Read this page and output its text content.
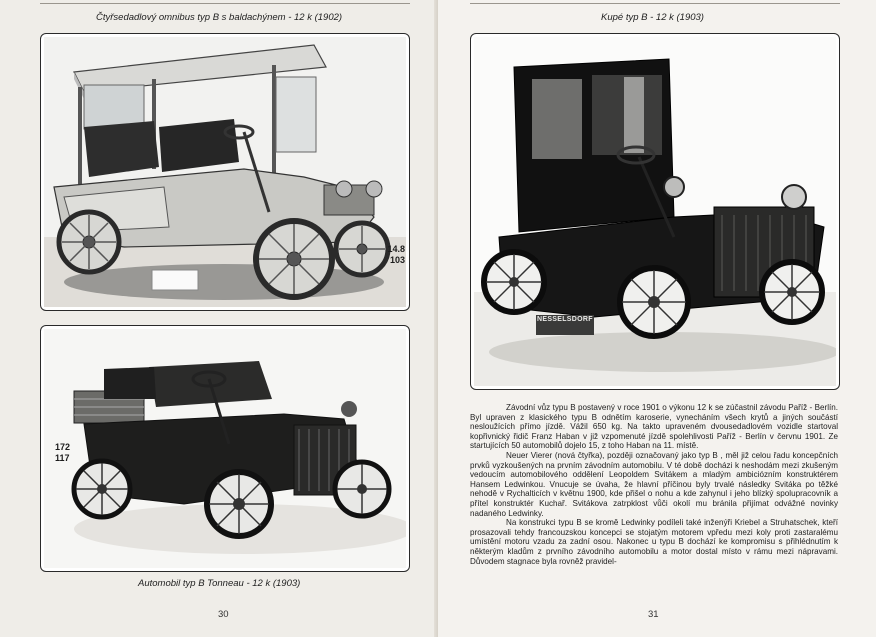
Čtyřsedadlový omnibus typ B s baldachýnem - 12 k (1902)
14.8
103
172
117
Automobil typ B Tonneau - 12 k (1903)
30
Kupé typ B - 12 k (1903)
NESSELSDORF

Závodní vůz typu B postavený v roce 1901 o výkonu 12 k se zúčastnil závodu Paříž - Berlín. Byl upraven z klasického typu B odnětím karoserie, vynecháním všech krytů a jiných součástí nesloužících přímo jízdě. Vážil 650 kg. Na takto upraveném dvousedadlovém vozidle startoval kopřivnický řidič Franz Haban v již vzpomenuté jízdě spolehlivosti Paříž - Berlín v červnu 1901. Ze startujících 50 automobilů dojelo 15, z toho Haban na 11. místě.

Neuer Vierer (nová čtyřka), později označovaný jako typ B , měl již celou řadu koncepčních prvků vyzkoušených na prvním závodním automobilu. V té době docházi k neshodám mezi zkušeným vedoucím automobilového oddělení Leopoldem Svitákem a mladým ambiciózním konstruktérem Hansem Ledwinkou. Vnucuje se úvaha, že hlavní příčinou byly trvalé následky Svitáka po těžké nehodě v Rychalticích v květnu 1900, kde přišel o nohu a kde zahynul i jeho blízký spolupracovník a přítel konstruktér Kuchař. Svitákova zatrpklost vůči okolí mu bránila přijímat odvážné novinky nadaného Ledwinky.

Na konstrukci typu B se kromě Ledwinky podíleli také inženýři Kriebel a Struhatschek, kteří prosazovali tehdy francouzskou koncepci se stojatým motorem vpředu mezi koly proti zastaralému umístění motoru vzadu za zadní osou. Nakonec u typu B dochází ke kompromisu s přihlédnutím k některým kladům z prvního závodního automobilu a motor dostal místo v rámu mezi nápravami. Důvodem stagnace byla rovněž pravidel-

31
